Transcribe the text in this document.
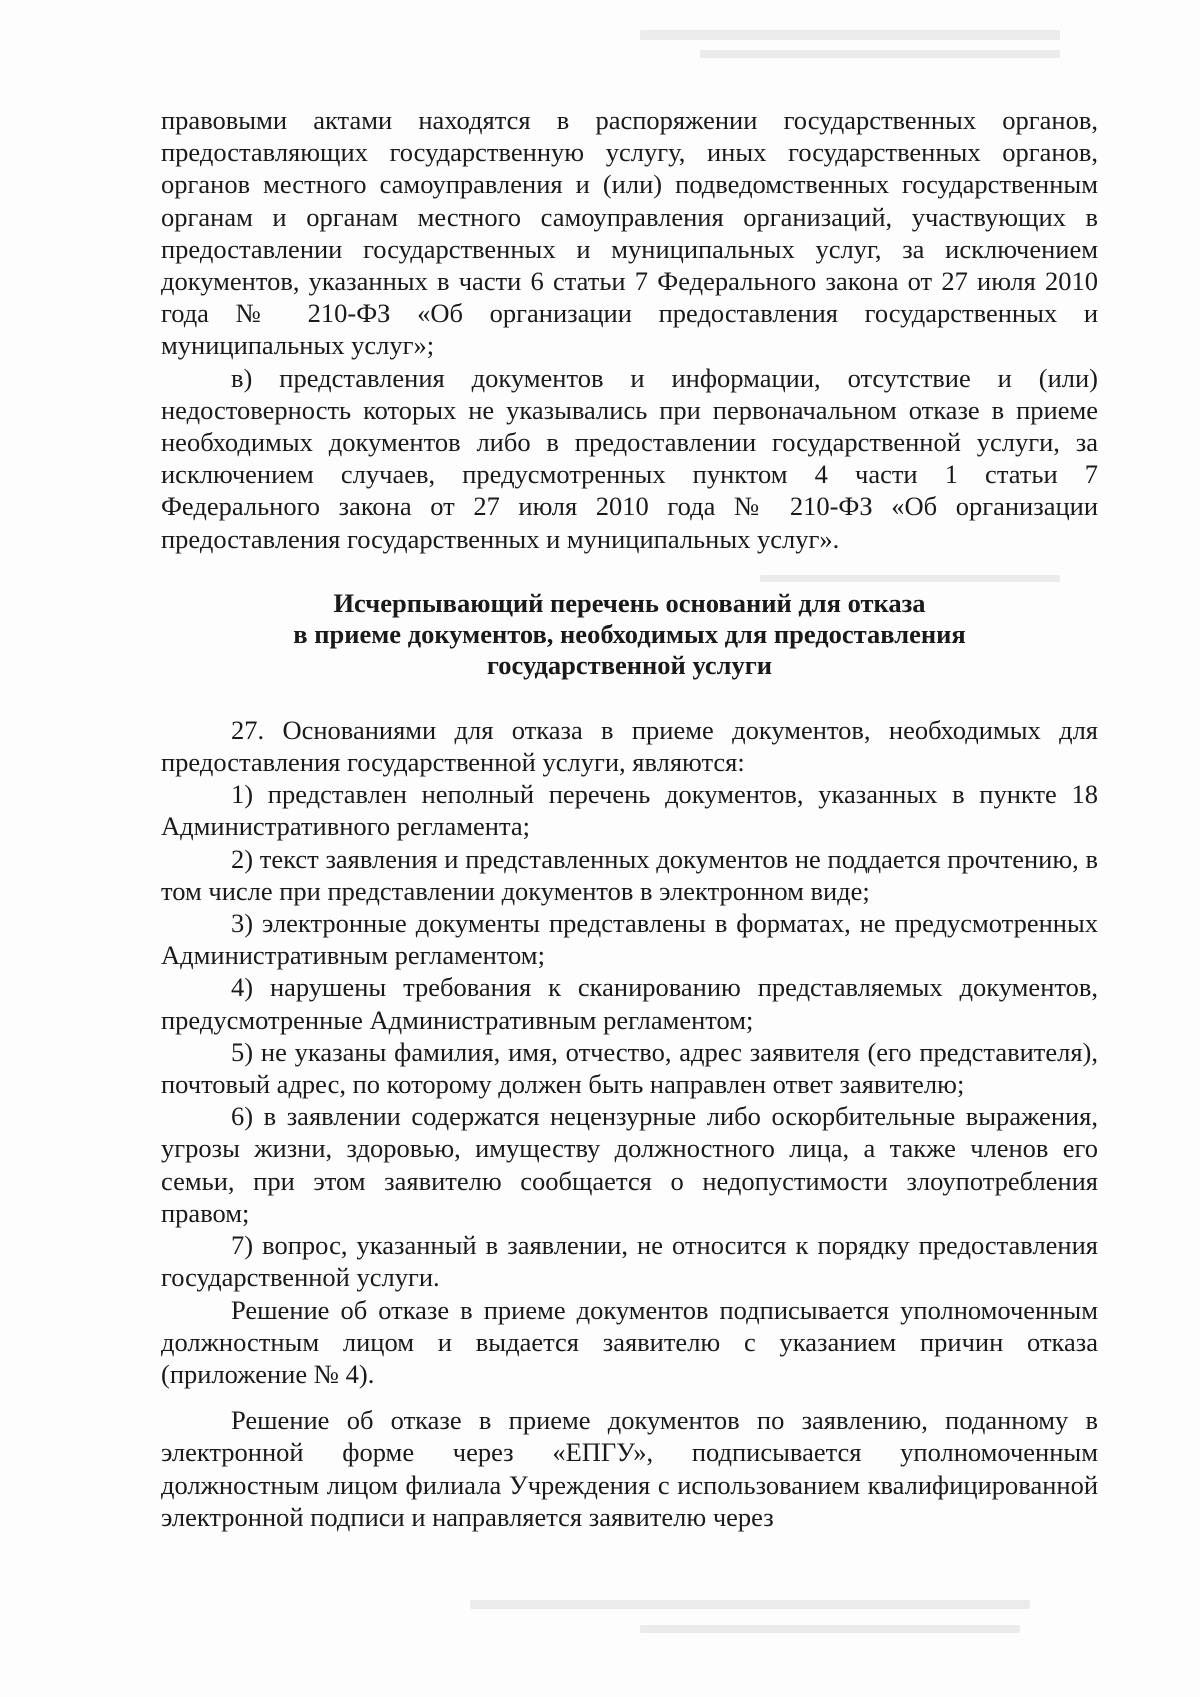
правовыми актами находятся в распоряжении государственных органов, предоставляющих государственную услугу, иных государственных органов, органов местного самоуправления и (или) подведомственных государственным органам и органам местного самоуправления организаций, участвующих в предоставлении государственных и муниципальных услуг, за исключением документов, указанных в части 6 статьи 7 Федерального закона от 27 июля 2010 года № 210-ФЗ «Об организации предоставления государственных и муниципальных услуг»;

в) представления документов и информации, отсутствие и (или) недостоверность которых не указывались при первоначальном отказе в приеме необходимых документов либо в предоставлении государственной услуги, за исключением случаев, предусмотренных пунктом 4 части 1 статьи 7 Федерального закона от 27 июля 2010 года № 210-ФЗ «Об организации предоставления государственных и муниципальных услуг».

Исчерпывающий перечень оснований для отказа
в приеме документов, необходимых для предоставления
государственной услуги

27. Основаниями для отказа в приеме документов, необходимых для предоставления государственной услуги, являются:

1) представлен неполный перечень документов, указанных в пункте 18 Административного регламента;

2) текст заявления и представленных документов не поддается прочтению, в том числе при представлении документов в электронном виде;

3) электронные документы представлены в форматах, не предусмотренных Административным регламентом;

4) нарушены требования к сканированию представляемых документов, предусмотренные Административным регламентом;

5) не указаны фамилия, имя, отчество, адрес заявителя (его представителя), почтовый адрес, по которому должен быть направлен ответ заявителю;

6) в заявлении содержатся нецензурные либо оскорбительные выражения, угрозы жизни, здоровью, имуществу должностного лица, а также членов его семьи, при этом заявителю сообщается о недопустимости злоупотребления правом;

7) вопрос, указанный в заявлении, не относится к порядку предоставления государственной услуги.

Решение об отказе в приеме документов подписывается уполномоченным должностным лицом и выдается заявителю с указанием причин отказа (приложение № 4).

Решение об отказе в приеме документов по заявлению, поданному в электронной форме через «ЕПГУ», подписывается уполномоченным должностным лицом филиала Учреждения с использованием квалифицированной электронной подписи и направляется заявителю через
